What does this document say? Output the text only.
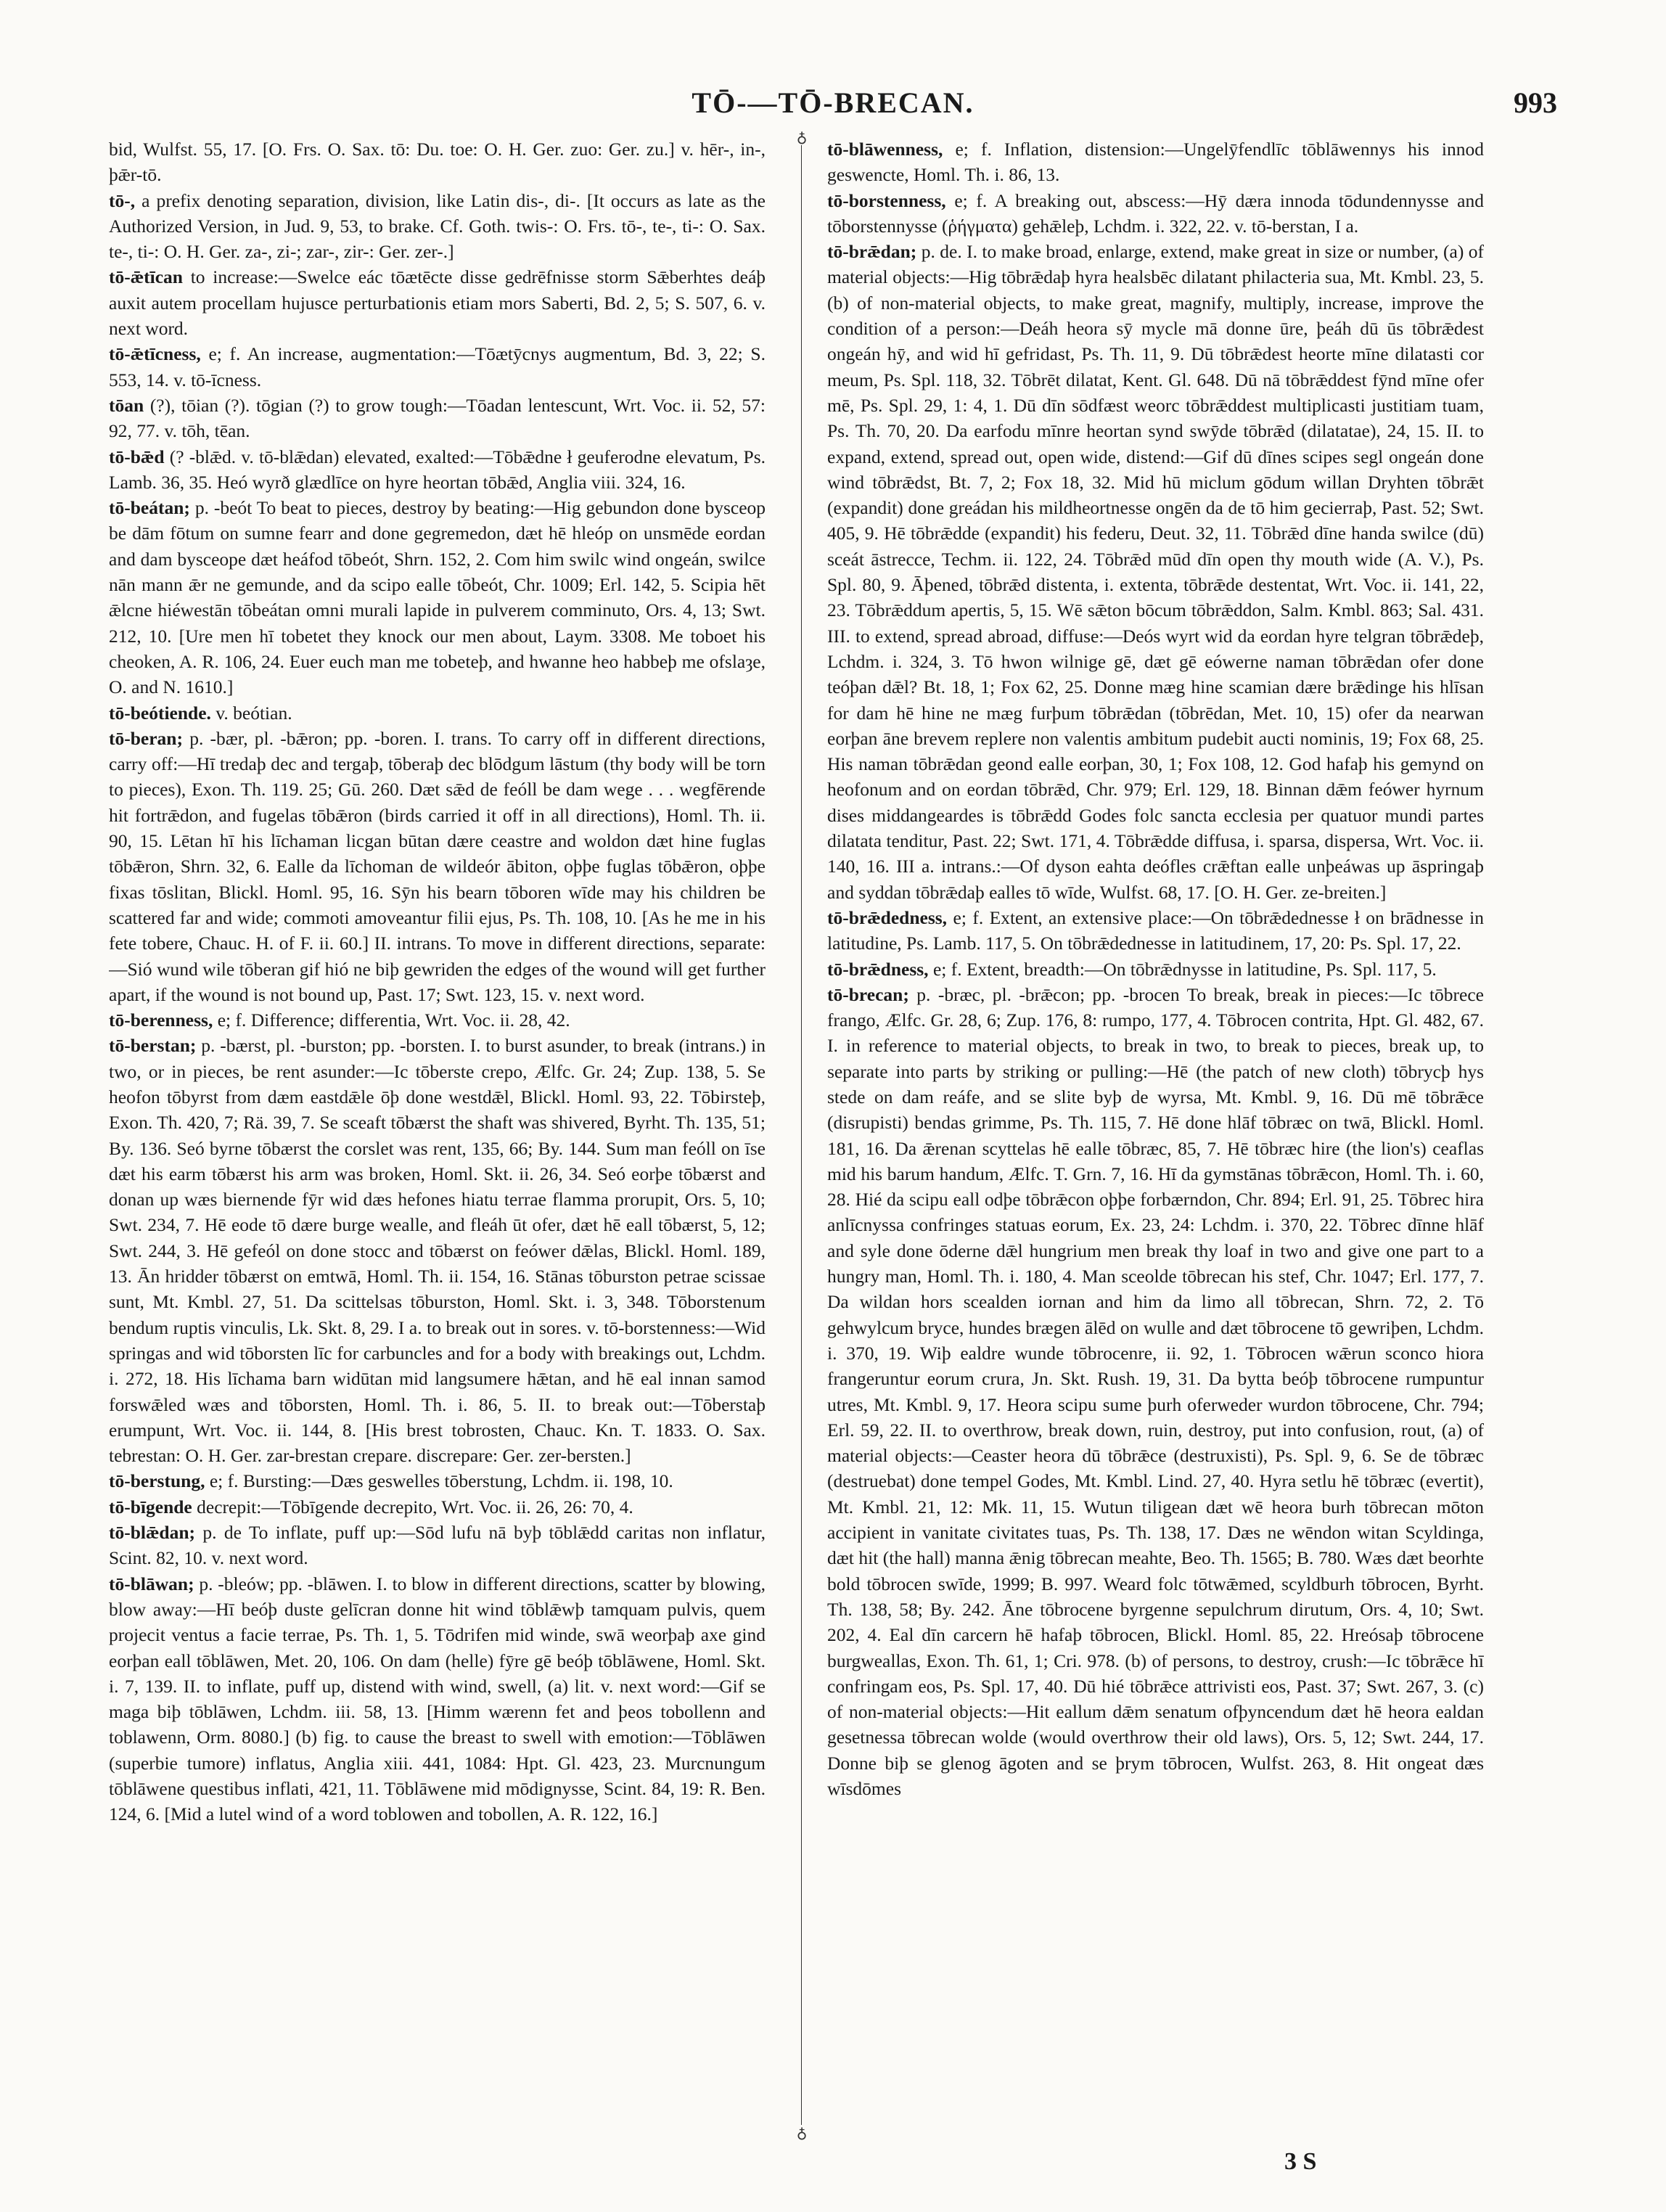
TŌ-—TŌ-BRECAN.	993
♁
♁

bid, Wulfst. 55, 17. [O. Frs. O. Sax. tō: Du. toe: O. H. Ger. zuo: Ger. zu.] v. hēr-, in-, þǣr-tō.

tō-, a prefix denoting separation, division, like Latin dis-, di-. [It occurs as late as the Authorized Version, in Jud. 9, 53, to brake. Cf. Goth. twis-: O. Frs. tō-, te-, ti-: O. Sax. te-, ti-: O. H. Ger. za-, zi-; zar-, zir-: Ger. zer-.]

tō-ǣtīcan to increase:—Swelce eác tōætēcte disse gedrēfnisse storm Sǣberhtes deáþ auxit autem procellam hujusce perturbationis etiam mors Saberti, Bd. 2, 5; S. 507, 6. v. next word.

tō-ǣtīcness, e; f. An increase, augmentation:—Tōætȳcnys augmentum, Bd. 3, 22; S. 553, 14. v. tō-īcness.

tōan (?), tōian (?). tōgian (?) to grow tough:—Tōadan lentescunt, Wrt. Voc. ii. 52, 57: 92, 77. v. tōh, tēan.

tō-bǣd (? -blǣd. v. tō-blǣdan) elevated, exalted:—Tōbǣdne ł geuferodne elevatum, Ps. Lamb. 36, 35. Heó wyrð glædlīce on hyre heortan tōbǣd, Anglia viii. 324, 16.

tō-beátan; p. -beót To beat to pieces, destroy by beating:—Hig gebundon done bysceop be dām fōtum on sumne fearr and done gegremedon, dæt hē hleóp on unsmēde eordan and dam bysceope dæt heáfod tōbeót, Shrn. 152, 2. Com him swilc wind ongeán, swilce nān mann ǣr ne gemunde, and da scipo ealle tōbeót, Chr. 1009; Erl. 142, 5. Scipia hēt ǣlcne hiéwestān tōbeátan omni murali lapide in pulverem comminuto, Ors. 4, 13; Swt. 212, 10. [Ure men hī tobetet they knock our men about, Laym. 3308. Me toboet his cheoken, A. R. 106, 24. Euer euch man me tobeteþ, and hwanne heo habbeþ me ofslaȝe, O. and N. 1610.]

tō-beótiende. v. beótian.

tō-beran; p. -bær, pl. -bǣron; pp. -boren. I. trans. To carry off in different directions, carry off:—Hī tredaþ dec and tergaþ, tōberaþ dec blōdgum lāstum (thy body will be torn to pieces), Exon. Th. 119. 25; Gū. 260. Dæt sǣd de feóll be dam wege . . . wegfērende hit fortrǣdon, and fugelas tōbǣron (birds carried it off in all directions), Homl. Th. ii. 90, 15. Lētan hī his līchaman licgan būtan dære ceastre and woldon dæt hine fuglas tōbǣron, Shrn. 32, 6. Ealle da līchoman de wildeór ābiton, oþþe fuglas tōbǣron, oþþe fixas tōslitan, Blickl. Homl. 95, 16. Sȳn his bearn tōboren wīde may his children be scattered far and wide; commoti amoveantur filii ejus, Ps. Th. 108, 10. [As he me in his fete tobere, Chauc. H. of F. ii. 60.] II. intrans. To move in different directions, separate:—Sió wund wile tōberan gif hió ne biþ gewriden the edges of the wound will get further apart, if the wound is not bound up, Past. 17; Swt. 123, 15. v. next word.

tō-berenness, e; f. Difference; differentia, Wrt. Voc. ii. 28, 42.

tō-berstan; p. -bærst, pl. -burston; pp. -borsten. I. to burst asunder, to break (intrans.) in two, or in pieces, be rent asunder:—Ic tōberste crepo, Ælfc. Gr. 24; Zup. 138, 5. Se heofon tōbyrst from dæm eastdǣle ōþ done westdǣl, Blickl. Homl. 93, 22. Tōbirsteþ, Exon. Th. 420, 7; Rä. 39, 7. Se sceaft tōbærst the shaft was shivered, Byrht. Th. 135, 51; By. 136. Seó byrne tōbærst the corslet was rent, 135, 66; By. 144. Sum man feóll on īse dæt his earm tōbærst his arm was broken, Homl. Skt. ii. 26, 34. Seó eorþe tōbærst and donan up wæs biernende fȳr wid dæs hefones hiatu terrae flamma prorupit, Ors. 5, 10; Swt. 234, 7. Hē eode tō dære burge wealle, and fleáh ūt ofer, dæt hē eall tōbærst, 5, 12; Swt. 244, 3. Hē gefeól on done stocc and tōbærst on feówer dǣlas, Blickl. Homl. 189, 13. Ān hridder tōbærst on emtwā, Homl. Th. ii. 154, 16. Stānas tōburston petrae scissae sunt, Mt. Kmbl. 27, 51. Da scittelsas tōburston, Homl. Skt. i. 3, 348. Tōborstenum bendum ruptis vinculis, Lk. Skt. 8, 29. I a. to break out in sores. v. tō-borstenness:—Wid springas and wid tōborsten līc for carbuncles and for a body with breakings out, Lchdm. i. 272, 18. His līchama barn widūtan mid langsumere hǣtan, and hē eal innan samod forswǣled wæs and tōborsten, Homl. Th. i. 86, 5. II. to break out:—Tōberstaþ erumpunt, Wrt. Voc. ii. 144, 8. [His brest tobrosten, Chauc. Kn. T. 1833. O. Sax. tebrestan: O. H. Ger. zar-brestan crepare. discrepare: Ger. zer-bersten.]

tō-berstung, e; f. Bursting:—Dæs geswelles tōberstung, Lchdm. ii. 198, 10.

tō-bīgende decrepit:—Tōbīgende decrepito, Wrt. Voc. ii. 26, 26: 70, 4.

tō-blǣdan; p. de To inflate, puff up:—Sōd lufu nā byþ tōblǣdd caritas non inflatur, Scint. 82, 10. v. next word.

tō-blāwan; p. -bleów; pp. -blāwen. I. to blow in different directions, scatter by blowing, blow away:—Hī beóþ duste gelīcran donne hit wind tōblǣwþ tamquam pulvis, quem projecit ventus a facie terrae, Ps. Th. 1, 5. Tōdrifen mid winde, swā weorþaþ axe gind eorþan eall tōblāwen, Met. 20, 106. On dam (helle) fȳre gē beóþ tōblāwene, Homl. Skt. i. 7, 139. II. to inflate, puff up, distend with wind, swell, (a) lit. v. next word:—Gif se maga biþ tōblāwen, Lchdm. iii. 58, 13. [Himm wærenn fet and þeos tobollenn and toblawenn, Orm. 8080.] (b) fig. to cause the breast to swell with emotion:—Tōblāwen (superbie tumore) inflatus, Anglia xiii. 441, 1084: Hpt. Gl. 423, 23. Murcnungum tōblāwene questibus inflati, 421, 11. Tōblāwene mid mōdignysse, Scint. 84, 19: R. Ben. 124, 6. [Mid a lutel wind of a word toblowen and tobollen, A. R. 122, 16.]

tō-blāwenness, e; f. Inflation, distension:—Ungelȳfendlīc tōblāwennys his innod geswencte, Homl. Th. i. 86, 13.

tō-borstenness, e; f. A breaking out, abscess:—Hȳ dæra innoda tōdundennysse and tōborstennysse (ῥήγματα) gehǣleþ, Lchdm. i. 322, 22. v. tō-berstan, I a.

tō-brǣdan; p. de. I. to make broad, enlarge, extend, make great in size or number, (a) of material objects:—Hig tōbrǣdaþ hyra healsbēc dilatant philacteria sua, Mt. Kmbl. 23, 5. (b) of non-material objects, to make great, magnify, multiply, increase, improve the condition of a person:—Deáh heora sȳ mycle mā donne ūre, þeáh dū ūs tōbrǣdest ongeán hȳ, and wid hī gefridast, Ps. Th. 11, 9. Dū tōbrǣdest heorte mīne dilatasti cor meum, Ps. Spl. 118, 32. Tōbrēt dilatat, Kent. Gl. 648. Dū nā tōbrǣddest fȳnd mīne ofer mē, Ps. Spl. 29, 1: 4, 1. Dū dīn sōdfæst weorc tōbrǣddest multiplicasti justitiam tuam, Ps. Th. 70, 20. Da earfodu mīnre heortan synd swȳde tōbrǣd (dilatatae), 24, 15. II. to expand, extend, spread out, open wide, distend:—Gif dū dīnes scipes segl ongeán done wind tōbrǣdst, Bt. 7, 2; Fox 18, 32. Mid hū miclum gōdum willan Dryhten tōbrǣt (expandit) done greádan his mildheortnesse ongēn da de tō him gecierraþ, Past. 52; Swt. 405, 9. Hē tōbrǣdde (expandit) his federu, Deut. 32, 11. Tōbrǣd dīne handa swilce (dū) sceát āstrecce, Techm. ii. 122, 24. Tōbrǣd mūd dīn open thy mouth wide (A. V.), Ps. Spl. 80, 9. Āþened, tōbrǣd distenta, i. extenta, tōbrǣde destentat, Wrt. Voc. ii. 141, 22, 23. Tōbrǣddum apertis, 5, 15. Wē sǣton bōcum tōbrǣddon, Salm. Kmbl. 863; Sal. 431. III. to extend, spread abroad, diffuse:—Deós wyrt wid da eordan hyre telgran tōbrǣdeþ, Lchdm. i. 324, 3. Tō hwon wilnige gē, dæt gē eówerne naman tōbrǣdan ofer done teóþan dǣl? Bt. 18, 1; Fox 62, 25. Donne mæg hine scamian dære brǣdinge his hlīsan for dam hē hine ne mæg furþum tōbrǣdan (tōbrēdan, Met. 10, 15) ofer da nearwan eorþan āne brevem replere non valentis ambitum pudebit aucti nominis, 19; Fox 68, 25. His naman tōbrǣdan geond ealle eorþan, 30, 1; Fox 108, 12. God hafaþ his gemynd on heofonum and on eordan tōbrǣd, Chr. 979; Erl. 129, 18. Binnan dǣm feówer hyrnum dises middangeardes is tōbrǣdd Godes folc sancta ecclesia per quatuor mundi partes dilatata tenditur, Past. 22; Swt. 171, 4. Tōbrǣdde diffusa, i. sparsa, dispersa, Wrt. Voc. ii. 140, 16. III a. intrans.:—Of dyson eahta deófles crǣftan ealle unþeáwas up āspringaþ and syddan tōbrǣdaþ ealles tō wīde, Wulfst. 68, 17. [O. H. Ger. ze-breiten.]

tō-brǣdedness, e; f. Extent, an extensive place:—On tōbrǣdednesse ł on brādnesse in latitudine, Ps. Lamb. 117, 5. On tōbrǣdednesse in latitudinem, 17, 20: Ps. Spl. 17, 22.

tō-brǣdness, e; f. Extent, breadth:—On tōbrǣdnysse in latitudine, Ps. Spl. 117, 5.

tō-brecan; p. -bræc, pl. -brǣcon; pp. -brocen To break, break in pieces:—Ic tōbrece frango, Ælfc. Gr. 28, 6; Zup. 176, 8: rumpo, 177, 4. Tōbrocen contrita, Hpt. Gl. 482, 67. I. in reference to material objects, to break in two, to break to pieces, break up, to separate into parts by striking or pulling:—Hē (the patch of new cloth) tōbrycþ hys stede on dam reáfe, and se slite byþ de wyrsa, Mt. Kmbl. 9, 16. Dū mē tōbrǣce (disrupisti) bendas grimme, Ps. Th. 115, 7. Hē done hlāf tōbræc on twā, Blickl. Homl. 181, 16. Da ǣrenan scyttelas hē ealle tōbræc, 85, 7. Hē tōbræc hire (the lion's) ceaflas mid his barum handum, Ælfc. T. Grn. 7, 16. Hī da gymstānas tōbrǣcon, Homl. Th. i. 60, 28. Hié da scipu eall odþe tōbrǣcon oþþe forbærndon, Chr. 894; Erl. 91, 25. Tōbrec hira anlīcnyssa confringes statuas eorum, Ex. 23, 24: Lchdm. i. 370, 22. Tōbrec dīnne hlāf and syle done ōderne dǣl hungrium men break thy loaf in two and give one part to a hungry man, Homl. Th. i. 180, 4. Man sceolde tōbrecan his stef, Chr. 1047; Erl. 177, 7. Da wildan hors scealden iornan and him da limo all tōbrecan, Shrn. 72, 2. Tō gehwylcum bryce, hundes brægen ālēd on wulle and dæt tōbrocene tō gewriþen, Lchdm. i. 370, 19. Wiþ ealdre wunde tōbrocenre, ii. 92, 1. Tōbrocen wǣrun sconco hiora frangeruntur eorum crura, Jn. Skt. Rush. 19, 31. Da bytta beóþ tōbrocene rumpuntur utres, Mt. Kmbl. 9, 17. Heora scipu sume þurh oferweder wurdon tōbrocene, Chr. 794; Erl. 59, 22. II. to overthrow, break down, ruin, destroy, put into confusion, rout, (a) of material objects:—Ceaster heora dū tōbrǣce (destruxisti), Ps. Spl. 9, 6. Se de tōbræc (destruebat) done tempel Godes, Mt. Kmbl. Lind. 27, 40. Hyra setlu hē tōbræc (evertit), Mt. Kmbl. 21, 12: Mk. 11, 15. Wutun tiligean dæt wē heora burh tōbrecan mōton accipient in vanitate civitates tuas, Ps. Th. 138, 17. Dæs ne wēndon witan Scyldinga, dæt hit (the hall) manna ǣnig tōbrecan meahte, Beo. Th. 1565; B. 780. Wæs dæt beorhte bold tōbrocen swīde, 1999; B. 997. Weard folc tōtwǣmed, scyldburh tōbrocen, Byrht. Th. 138, 58; By. 242. Āne tōbrocene byrgenne sepulchrum dirutum, Ors. 4, 10; Swt. 202, 4. Eal dīn carcern hē hafaþ tōbrocen, Blickl. Homl. 85, 22. Hreósaþ tōbrocene burgweallas, Exon. Th. 61, 1; Cri. 978. (b) of persons, to destroy, crush:—Ic tōbrǣce hī confringam eos, Ps. Spl. 17, 40. Dū hié tōbrǣce attrivisti eos, Past. 37; Swt. 267, 3. (c) of non-material objects:—Hit eallum dǣm senatum ofþyncendum dæt hē heora ealdan gesetnessa tōbrecan wolde (would overthrow their old laws), Ors. 5, 12; Swt. 244, 17. Donne biþ se glenog āgoten and se þrym tōbrocen, Wulfst. 263, 8. Hit ongeat dæs wīsdōmes

3 S
